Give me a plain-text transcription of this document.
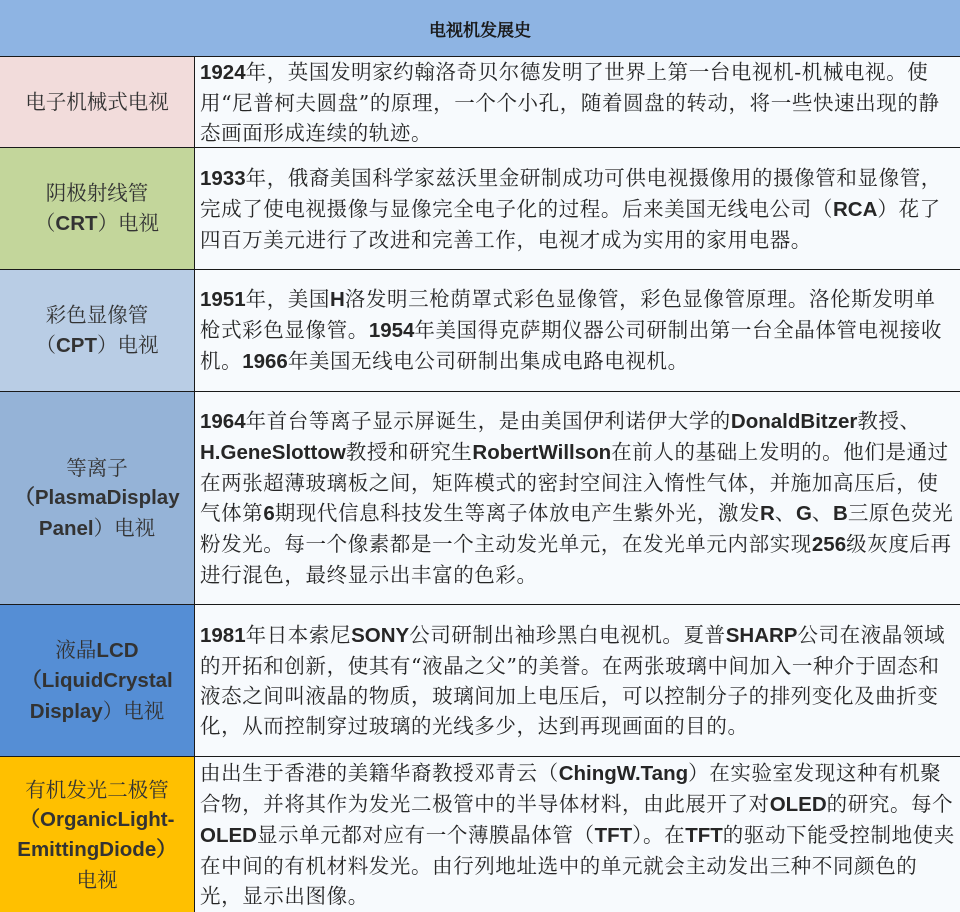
电视机发展史
电子机械式电视
1924年，英国发明家约翰洛奇贝尔德发明了世界上第一台电视机-机械电视。使用“尼普柯夫圆盘”的原理，一个个小孔，随着圆盘的转动，将一些快速出现的静态画面形成连续的轨迹。
阴极射线管
（CRT）电视
1933年，俄裔美国科学家兹沃里金研制成功可供电视摄像用的摄像管和显像管，完成了使电视摄像与显像完全电子化的过程。后来美国无线电公司（RCA）花了四百万美元进行了改进和完善工作，电视才成为实用的家用电器。
彩色显像管
（CPT）电视
1951年，美国H洛发明三枪荫罩式彩色显像管，彩色显像管原理。洛伦斯发明单枪式彩色显像管。1954年美国得克萨期仪器公司研制出第一台全晶体管电视接收机。1966年美国无线电公司研制出集成电路电视机。
等离子
（PlasmaDisplay
Panel）电视
1964年首台等离子显示屏诞生，是由美国伊利诺伊大学的DonaldBitzer教授、H.GeneSlottow教授和研究生RobertWillson在前人的基础上发明的。他们是通过在两张超薄玻璃板之间，矩阵模式的密封空间注入惰性气体，并施加高压后，使气体第6期现代信息科技发生等离子体放电产生紫外光，激发R、G、B三原色荧光粉发光。每一个像素都是一个主动发光单元，在发光单元内部实现256级灰度后再进行混色，最终显示出丰富的色彩。
液晶LCD
（LiquidCrystal
Display）电视
1981年日本索尼SONY公司研制出袖珍黑白电视机。夏普SHARP公司在液晶领域的开拓和创新，使其有“液晶之父”的美誉。在两张玻璃中间加入一种介于固态和液态之间叫液晶的物质，玻璃间加上电压后，可以控制分子的排列变化及曲折变化，从而控制穿过玻璃的光线多少，达到再现画面的目的。
有机发光二极管
（OrganicLight-
EmittingDiode）
电视
由出生于香港的美籍华裔教授邓青云（ChingW.Tang）在实验室发现这种有机聚合物，并将其作为发光二极管中的半导体材料，由此展开了对OLED的研究。每个OLED显示单元都对应有一个薄膜晶体管（TFT）。在TFT的驱动下能受控制地使夹在中间的有机材料发光。由行列地址选中的单元就会主动发出三种不同颜色的光，显示出图像。
